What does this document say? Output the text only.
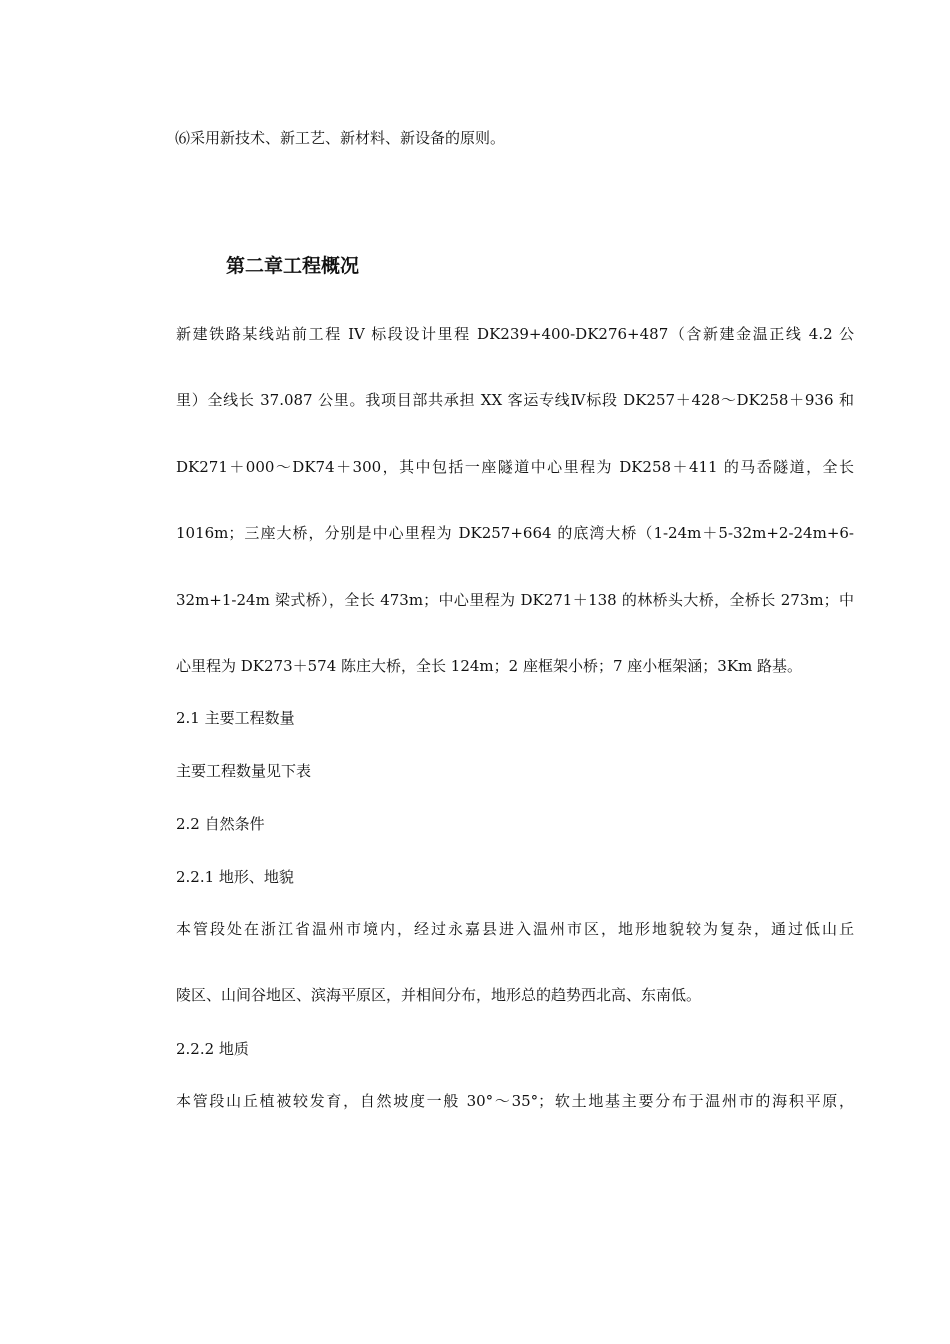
⑹采用新技术、新工艺、新材料、新设备的原则。

第二章工程概况

新建铁路某线站前工程 IV 标段设计里程 DK239+400-DK276+487（含新建金温正线 4.2 公

里）全线长 37.087 公里。我项目部共承担 XX 客运专线Ⅳ标段 DK257＋428～DK258＋936 和

DK271＋000～DK74＋300，其中包括一座隧道中心里程为 DK258＋411 的马岙隧道，全长

1016m；三座大桥，分别是中心里程为 DK257+664 的底湾大桥（1-24m＋5-32m+2-24m+6-

32m+1-24m 梁式桥），全长 473m；中心里程为 DK271＋138 的林桥头大桥，全桥长 273m；中

心里程为 DK273＋574 陈庄大桥，全长 124m；2 座框架小桥；7 座小框架涵；3Km 路基。

2.1 主要工程数量

主要工程数量见下表

2.2 自然条件

2.2.1 地形、地貌

本管段处在浙江省温州市境内，经过永嘉县进入温州市区，地形地貌较为复杂，通过低山丘

陵区、山间谷地区、滨海平原区，并相间分布，地形总的趋势西北高、东南低。

2.2.2 地质

本管段山丘植被较发育，自然坡度一般 30°～35°；软土地基主要分布于温州市的海积平原，
